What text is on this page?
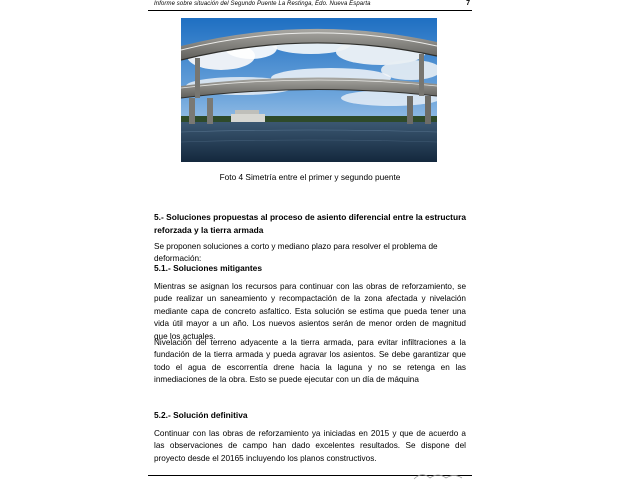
Informe sobre situación del Segundo Puente La Restinga, Edo. Nueva Esparta	7
Foto 4 Simetría entre el primer y segundo puente
5.- Soluciones propuestas al proceso de asiento diferencial entre la estructura
reforzada y la tierra armada
Se proponen soluciones a corto y mediano plazo para resolver el problema de deformación:
5.1.- Soluciones mitigantes
Mientras se asignan los recursos para continuar con las obras de reforzamiento, se pude realizar un saneamiento y recompactación de la zona afectada y nivelación mediante capa de concreto asfaltico. Esta solución se estima que pueda tener una vida útil mayor a un año. Los nuevos asientos serán de menor orden de magnitud que los actuales.
Nivelación del terreno adyacente a la tierra armada, para evitar infiltraciones a la fundación de la tierra armada y pueda agravar los asientos. Se debe garantizar que todo el agua de escorrentía drene hacia la laguna y no se retenga en las inmediaciones de la obra. Esto se puede ejecutar con un día de máquina
5.2.- Solución definitiva
Continuar con las obras de reforzamiento ya iniciadas en 2015 y que de acuerdo a las observaciones de campo han dado excelentes resultados. Se dispone del proyecto desde el 20165 incluyendo los planos constructivos.
